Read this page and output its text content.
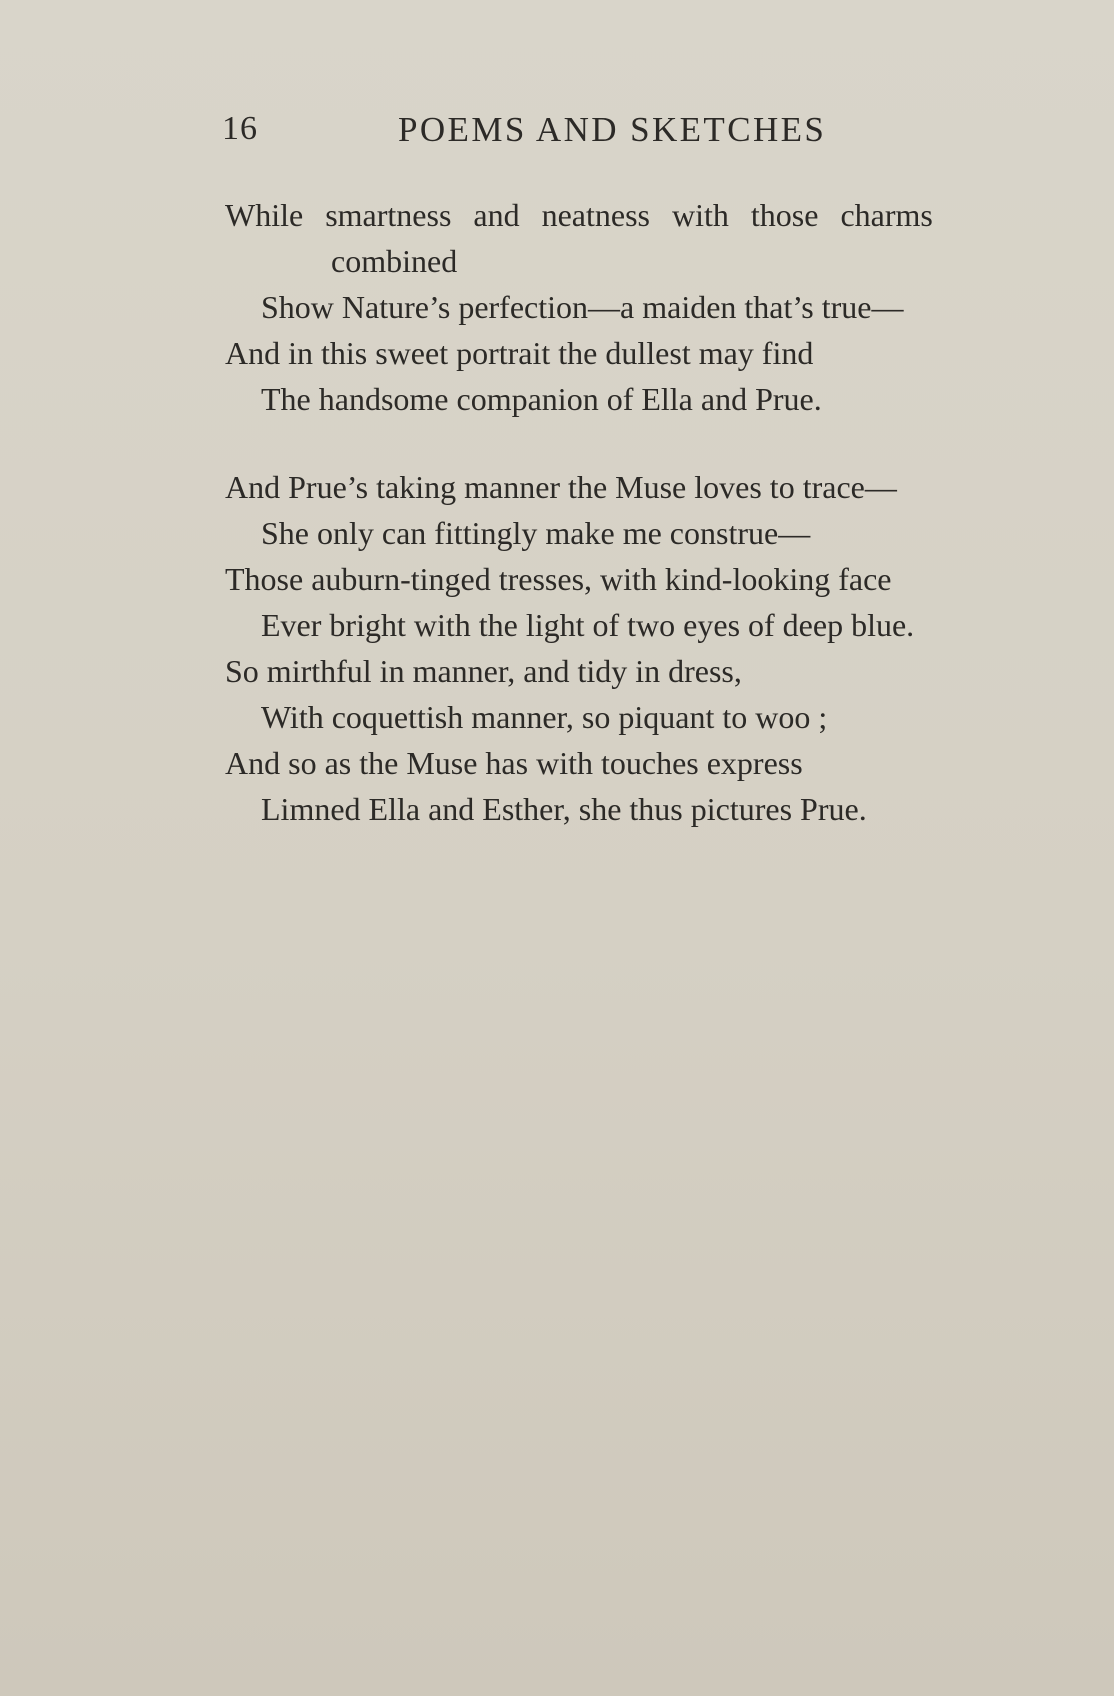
16	POEMS AND SKETCHES
While smartness and neatness with those charms
combined
Show Nature’s perfection—a maiden that’s true—
And in this sweet portrait the dullest may find
The handsome companion of Ella and Prue.
And Prue’s taking manner the Muse loves to trace—
She only can fittingly make me construe—
Those auburn-tinged tresses, with kind-looking face
Ever bright with the light of two eyes of deep blue.
So mirthful in manner, and tidy in dress,
With coquettish manner, so piquant to woo ;
And so as the Muse has with touches express
Limned Ella and Esther, she thus pictures Prue.
